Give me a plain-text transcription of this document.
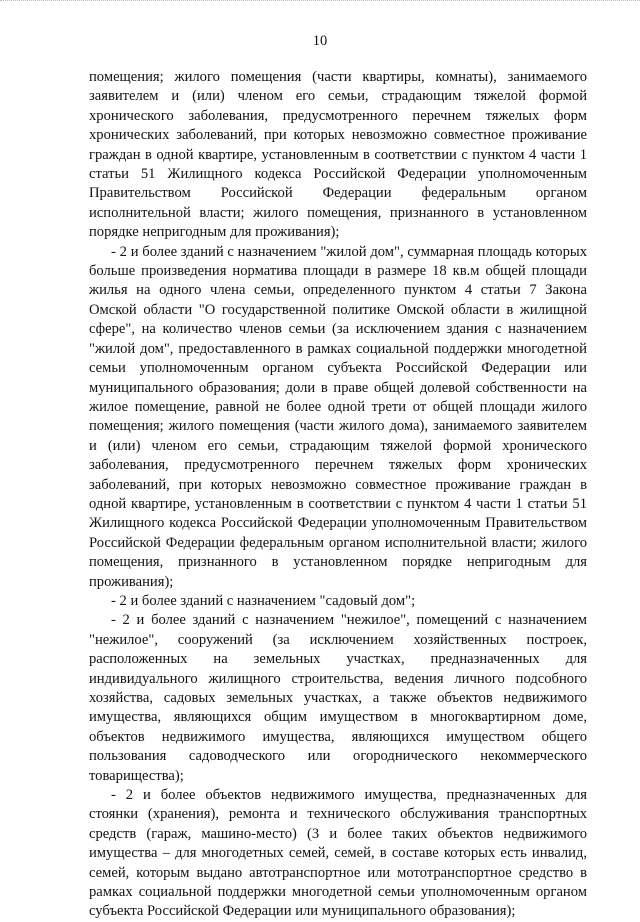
10

помещения; жилого помещения (части квартиры, комнаты), занимаемого заявителем и (или) членом его семьи, страдающим тяжелой формой хронического заболевания, предусмотренного перечнем тяжелых форм хронических заболеваний, при которых невозможно совместное проживание граждан в одной квартире, установленным в соответствии с пунктом 4 части 1 статьи 51 Жилищного кодекса Российской Федерации уполномоченным Правительством Российской Федерации федеральным органом исполнительной власти; жилого помещения, признанного в установленном порядке непригодным для проживания);

- 2 и более зданий с назначением "жилой дом", суммарная площадь которых больше произведения норматива площади в размере 18 кв.м общей площади жилья на одного члена семьи, определенного пунктом 4 статьи 7 Закона Омской области "О государственной политике Омской области в жилищной сфере", на количество членов семьи (за исключением здания с назначением "жилой дом", предоставленного в рамках социальной поддержки многодетной семьи уполномоченным органом субъекта Российской Федерации или муниципального образования; доли в праве общей долевой собственности на жилое помещение, равной не более одной трети от общей площади жилого помещения; жилого помещения (части жилого дома), занимаемого заявителем и (или) членом его семьи, страдающим тяжелой формой хронического заболевания, предусмотренного перечнем тяжелых форм хронических заболеваний, при которых невозможно совместное проживание граждан в одной квартире, установленным в соответствии с пунктом 4 части 1 статьи 51 Жилищного кодекса Российской Федерации уполномоченным Правительством Российской Федерации федеральным органом исполнительной власти; жилого помещения, признанного в установленном порядке непригодным для проживания);

- 2 и более зданий с назначением "садовый дом";

- 2 и более зданий с назначением "нежилое", помещений с назначением "нежилое", сооружений (за исключением хозяйственных построек, расположенных на земельных участках, предназначенных для индивидуального жилищного строительства, ведения личного подсобного хозяйства, садовых земельных участках, а также объектов недвижимого имущества, являющихся общим имуществом в многоквартирном доме, объектов недвижимого имущества, являющихся имуществом общего пользования садоводческого или огороднического некоммерческого товарищества);

- 2 и более объектов недвижимого имущества, предназначенных для стоянки (хранения), ремонта и технического обслуживания транспортных средств (гараж, машино-место) (3 и более таких объектов недвижимого имущества – для многодетных семей, семей, в составе которых есть инвалид, семей, которым выдано автотранспортное или мототранспортное средство в рамках социальной поддержки многодетной семьи уполномоченным органом субъекта Российской Федерации или муниципального образования);
